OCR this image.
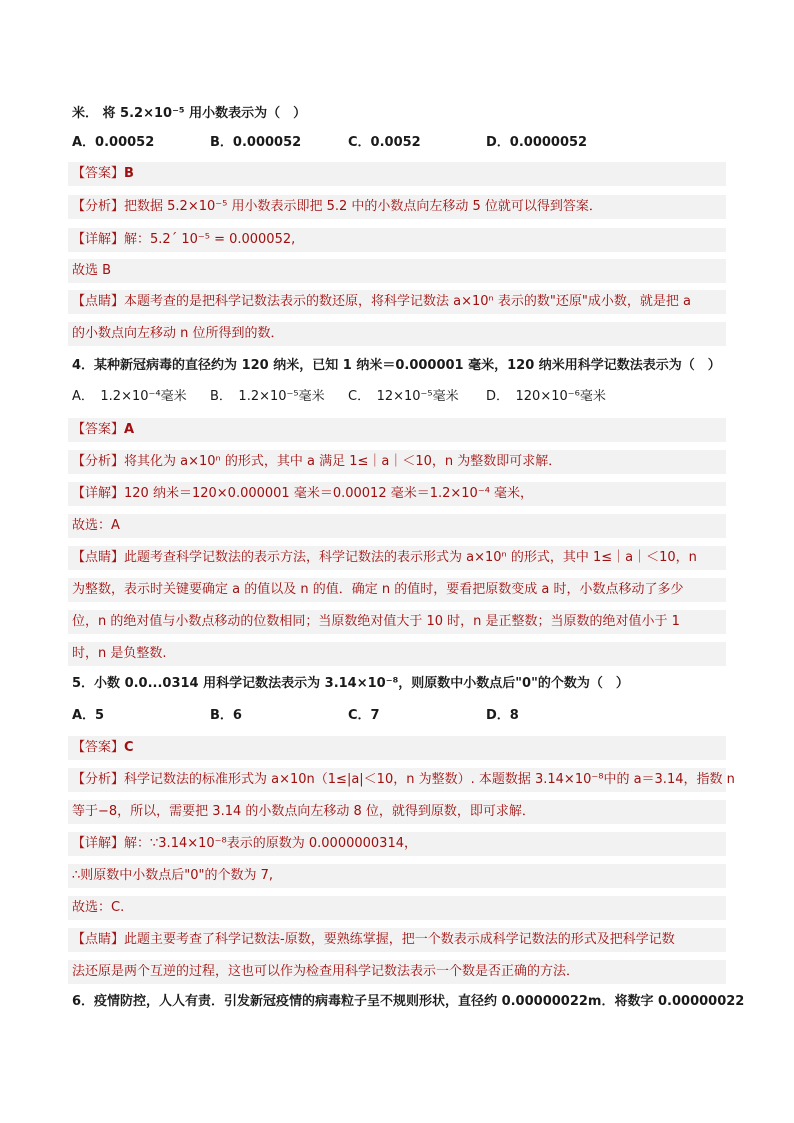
米． 将 5.2×10⁻⁵ 用小数表示为（　）
A．0.00052	B．0.000052	C．0.0052	D．0.0000052
【答案】B
【分析】把数据 5.2×10⁻⁵ 用小数表示即把 5.2 中的小数点向左移动 5 位就可以得到答案．
【详解】解：5.2´ 10⁻⁵ = 0.000052,
故选 B
【点睛】本题考查的是把科学记数法表示的数还原，将科学记数法 a×10ⁿ 表示的数"还原"成小数，就是把 a
的小数点向左移动 n 位所得到的数．
4．某种新冠病毒的直径约为 120 纳米，已知 1 纳米＝0.000001 毫米，120 纳米用科学记数法表示为（　）
A．　1.2×10⁻⁴毫米 B．　1.2×10⁻⁵毫米 C．　12×10⁻⁵毫米 D．　120×10⁻⁶毫米
【答案】A
【分析】将其化为 a×10ⁿ 的形式，其中 a 满足 1≤｜a｜＜10，n 为整数即可求解．
【详解】120 纳米＝120×0.000001 毫米＝0.00012 毫米＝1.2×10⁻⁴ 毫米，
故选：A
【点睛】此题考查科学记数法的表示方法，科学记数法的表示形式为 a×10ⁿ 的形式，其中 1≤｜a｜＜10，n
为整数，表示时关键要确定 a 的值以及 n 的值．确定 n 的值时，要看把原数变成 a 时，小数点移动了多少
位，n 的绝对值与小数点移动的位数相同；当原数绝对值大于 10 时，n 是正整数；当原数的绝对值小于 1
时，n 是负整数.
5．小数 0.0...0314 用科学记数法表示为 3.14×10⁻⁸，则原数中小数点后"0"的个数为（　）
A．5	B．6	C．7	D．8
【答案】C
【分析】科学记数法的标准形式为 a×10n（1≤|a|＜10，n 为整数）. 本题数据 3.14×10⁻⁸中的 a＝3.14，指数 n
等于−8，所以，需要把 3.14 的小数点向左移动 8 位，就得到原数，即可求解．
【详解】解：∵3.14×10⁻⁸表示的原数为 0.0000000314，
∴则原数中小数点后"0"的个数为 7,
故选：C.
【点睛】此题主要考查了科学记数法-原数，要熟练掌握，把一个数表示成科学记数法的形式及把科学记数
法还原是两个互逆的过程，这也可以作为检查用科学记数法表示一个数是否正确的方法．
6．疫情防控，人人有责．引发新冠疫情的病毒粒子呈不规则形状，直径约 0.00000022m．将数字 0.00000022
